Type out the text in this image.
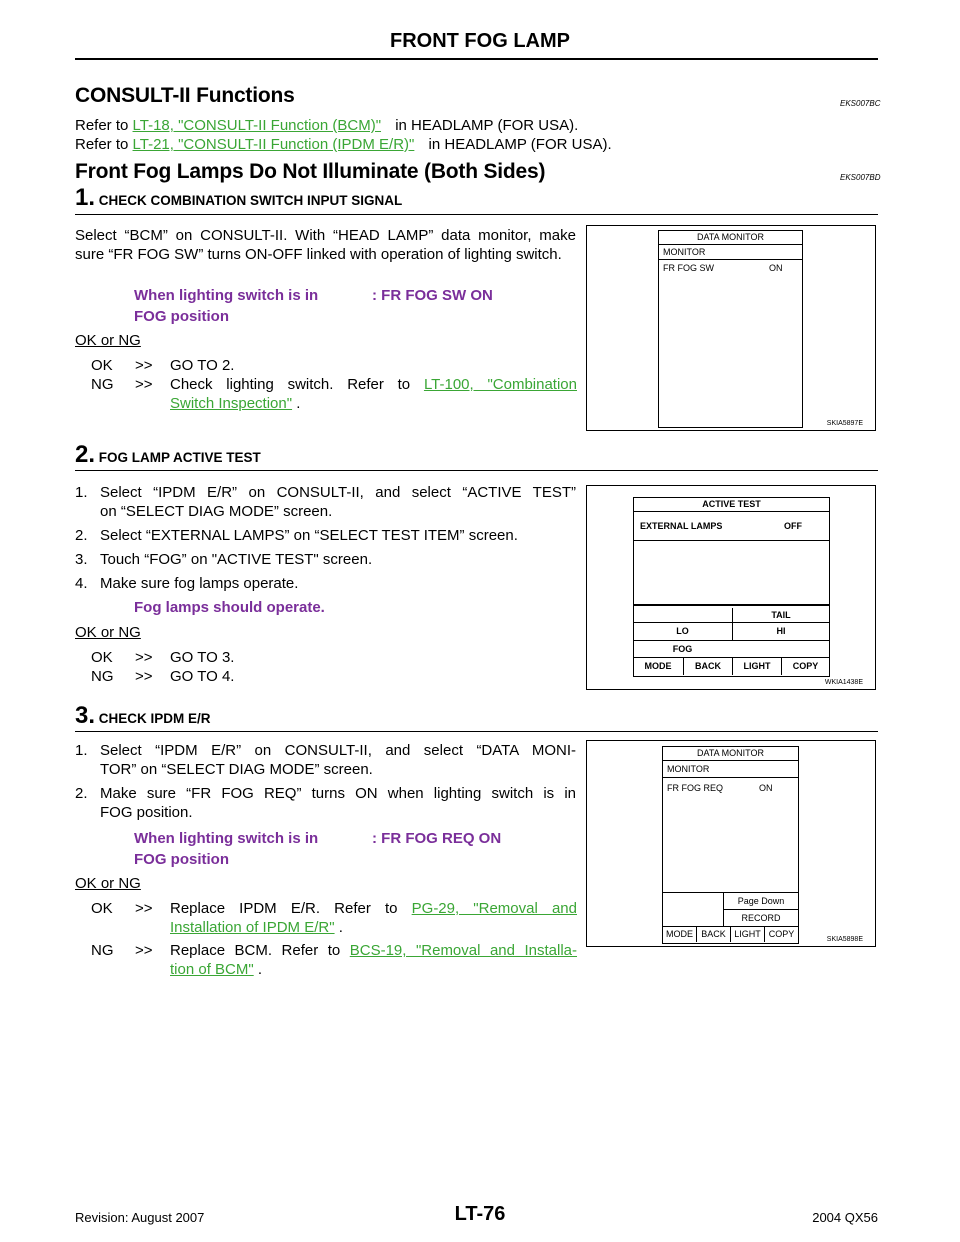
FRONT FOG LAMP
CONSULT-II Functions	EKS007BC
Refer to LT-18, "CONSULT-II Function (BCM)" in HEADLAMP (FOR USA).
Refer to LT-21, "CONSULT-II Function (IPDM E/R)" in HEADLAMP (FOR USA).
Front Fog Lamps Do Not Illuminate (Both Sides)	EKS007BD
1. CHECK COMBINATION SWITCH INPUT SIGNAL
Select “BCM” on CONSULT-II. With “HEAD LAMP” data monitor, make sure “FR FOG SW” turns ON-OFF linked with operation of lighting switch.
When lighting switch is in
FOG position
: FR FOG SW ON
OK or NG
OK >> GO TO 2.
NG	>>	Check lighting switch. Refer to LT-100, "Combination
Switch Inspection" .
DATA MONITOR
MONITOR
FR FOG SW	ON
SKIA5897E
2. FOG LAMP ACTIVE TEST
1. Select “IPDM E/R” on CONSULT-II, and select “ACTIVE TEST”
on “SELECT DIAG MODE” screen.
2. Select “EXTERNAL LAMPS” on “SELECT TEST ITEM” screen.
3. Touch “FOG” on "ACTIVE TEST" screen.
4. Make sure fog lamps operate.
Fog lamps should operate.
OK or NG
OK >> GO TO 3.
NG >> GO TO 4.
ACTIVE TEST
EXTERNAL LAMPS	OFF
TAIL
LO	HI
FOG
MODE	BACK	LIGHT	COPY
WKIA1438E
3. CHECK IPDM E/R
1. Select “IPDM E/R” on CONSULT-II, and select “DATA MONI-
TOR” on “SELECT DIAG MODE” screen.
2. Make sure “FR FOG REQ” turns ON when lighting switch is in
FOG position.
When lighting switch is in
FOG position
: FR FOG REQ ON
OK or NG
OK	>>	Replace IPDM E/R. Refer to PG-29, "Removal and
Installation of IPDM E/R" .
NG	>>	Replace BCM. Refer to BCS-19, "Removal and Installa-
tion of BCM" .
DATA MONITOR
MONITOR
FR FOG REQ	ON
Page Down
RECORD
MODE BACK LIGHT COPY
SKIA5898E
Revision: August 2007	LT-76	2004 QX56
